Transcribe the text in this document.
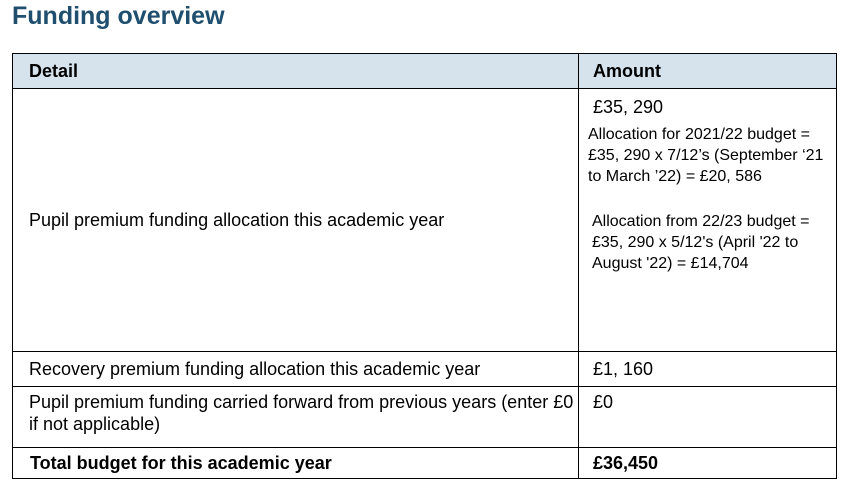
Funding overview
Detail	Amount
Pupil premium funding allocation this academic year	£35, 290
Allocation for 2021/22 budget = £35, 290 x 7/12’s (September ‘21 to March ’22) = £20, 586
Allocation from 22/23 budget = £35, 290 x 5/12's (April '22 to August '22) = £14,704

Recovery premium funding allocation this academic year	£1, 160
Pupil premium funding carried forward from previous years (enter £0 if not applicable)	£0
Total budget for this academic year	£36,450
